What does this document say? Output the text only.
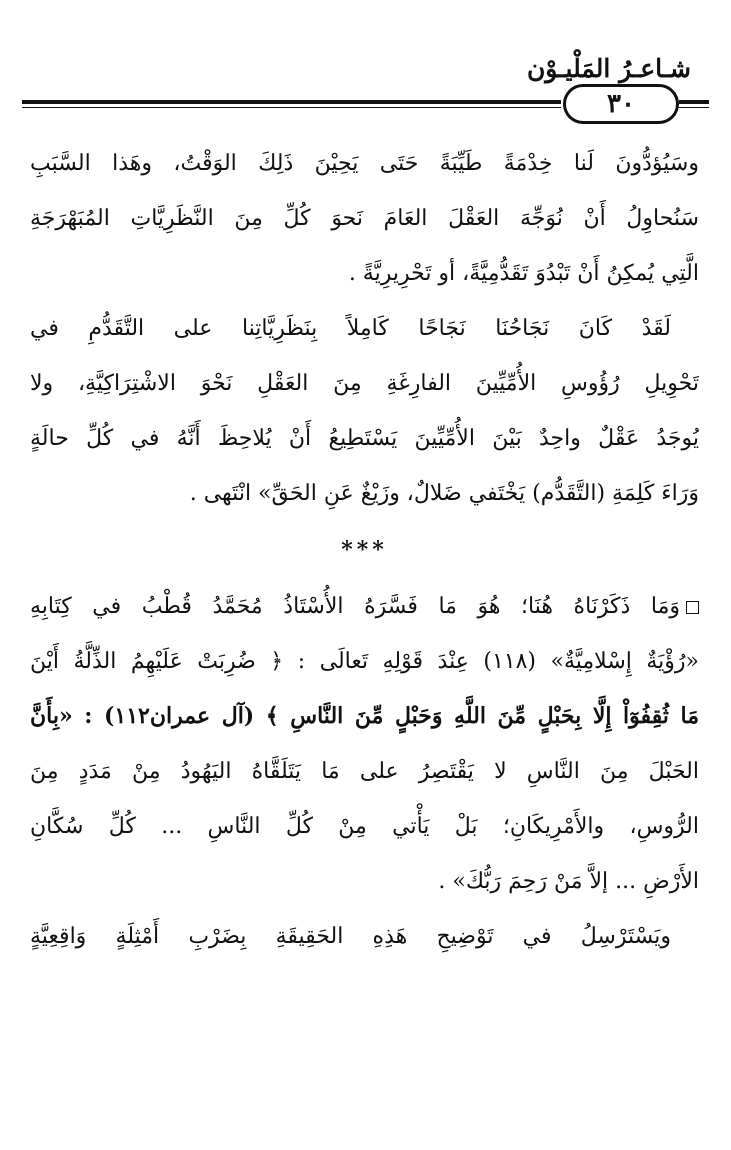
شـاعـرُ المَلْيـوْن
٣٠
وسَيُؤدُّونَ لَنا خِدْمَةً طَيِّبَةً حَتَى يَحِيْنَ ذَلِكَ الوَقْتُ، وهَذا السَّبَبِ
سَنُحاوِلُ أَنْ نُوَجِّهَ العَقْلَ العَامَ نَحوَ كُلِّ مِنَ النَّظَرِيَّاتِ المُبَهْرَجَةِ
الَّتِي يُمكِنُ أَنْ تَبْدُوَ تَقَدُّمِيَّةً، أو تَحْرِيرِيَّةً .
لَقَدْ كَانَ نَجَاحُنَا نَجَاحًا كَامِلاً بِنَظَرِيَّاتِنا على التَّقَدُّمِ في
تَحْوِيلِ رُؤُوسِ الأُمِّيِّينَ الفارِغَةِ مِنَ العَقْلِ نَحْوَ الاشْتِرَاكِيَّةِ، ولا
يُوجَدُ عَقْلٌ واحِدٌ بَيْنَ الأُمِّيِّينَ يَسْتَطِيعُ أَنْ يُلاحِظَ أَنَّهُ في كُلِّ حالَةٍ
وَرَاءَ كَلِمَةِ (التَّقَدُّم) يَخْتَفي ضَلالٌ، وزَيْغٌ عَنِ الحَقِّ» انْتَهى .
***
وَمَا ذَكَرْنَاهُ هُنَا؛ هُوَ مَا فَسَّرَهُ الأُسْتَاذُ مُحَمَّدُ قُطْبُ في كِتَابِهِ
«رُؤْيَةٌ إِسْلامِيَّةٌ» (١١٨) عِنْدَ قَوْلِهِ تَعالَى : ﴿ ضُرِبَتْ عَلَيْهِمُ الذِّلَّةُ أَيْنَ
مَا ثُقِفُوٓاْ إِلَّا بِحَبْلٍ مِّنَ اللَّهِ وَحَبْلٍ مِّنَ النَّاسِ ﴾ (آل عمران١١٢) : «بِأَنَّ
الحَبْلَ مِنَ النَّاسِ لا يَقْتَصِرُ على مَا يَتَلَقَّاهُ اليَهُودُ مِنْ مَدَدٍ مِنَ
الرُّوسِ، والأَمْرِيكَانِ؛ بَلْ يَأْتي مِنْ كُلِّ النَّاسِ ... كُلِّ سُكَّانِ
الأَرْضِ ... إلاَّ مَنْ رَحِمَ رَبُّكَ» .
ويَسْتَرْسِلُ في تَوْضِيحِ هَذِهِ الحَقِيقَةِ بِضَرْبِ أَمْثِلَةٍ وَاقِعِيَّةٍ
